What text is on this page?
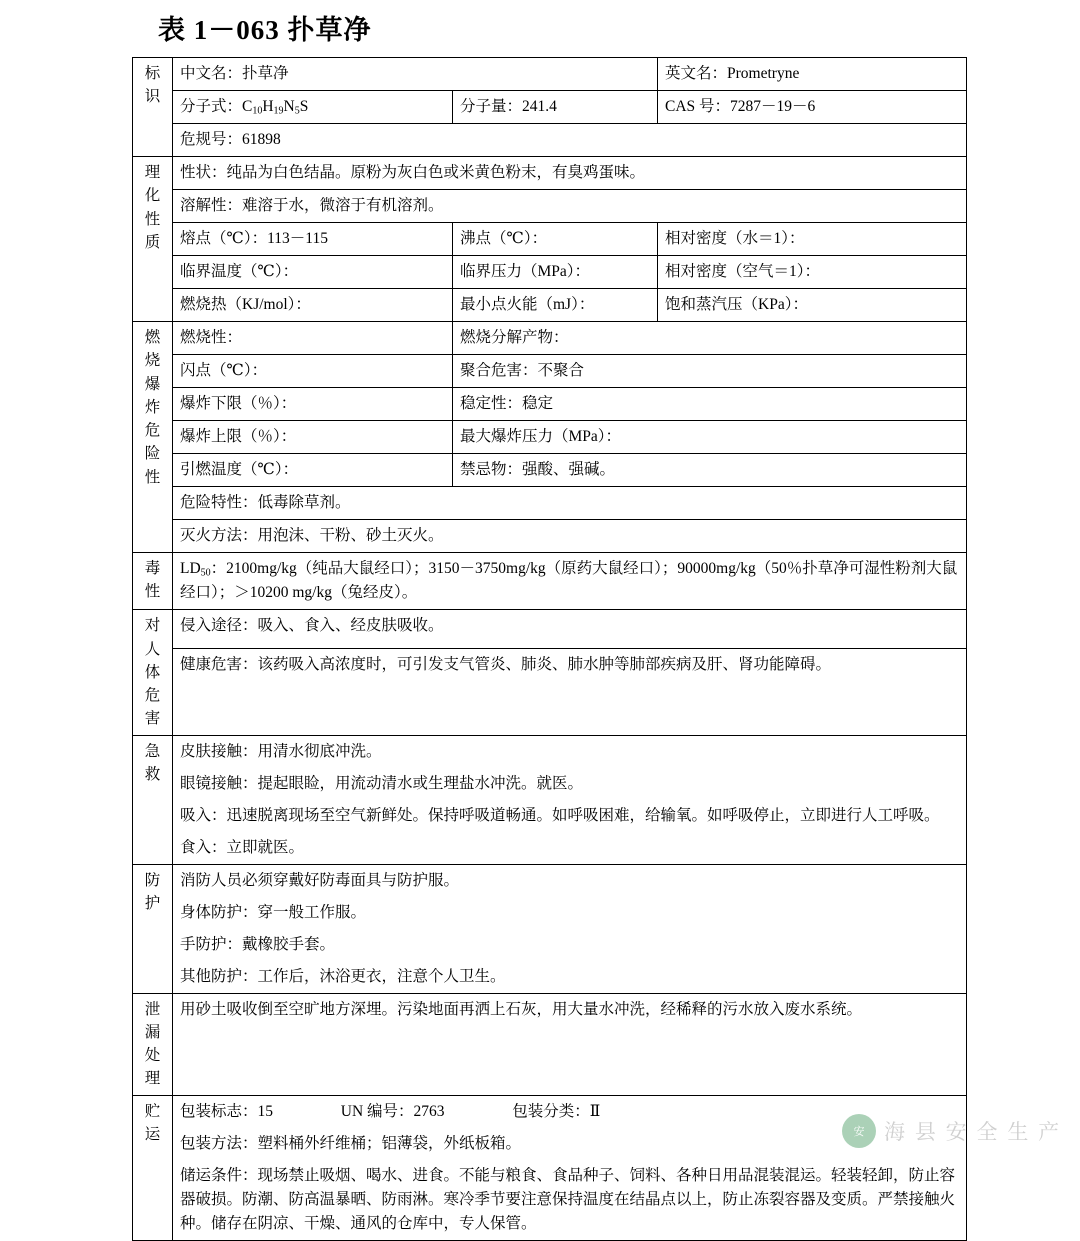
表 1－063 扑草净
标 识	中文名：扑草净		英文名：Prometryne
	分子式：$C_{10}H_{19}N_5S$	分子量：241.4	CAS 号：7287－19－6
	危规号：61898		

理 化 性 质	性状：纯品为白色结晶。原粉为灰白色或米黄色粉末，有臭鸡蛋味。		
	溶解性：难溶于水，微溶于有机溶剂。		
	熔点（℃）：113－115	沸点（℃）：	相对密度（水＝1）：
	临界温度（℃）：	临界压力（MPa）：	相对密度（空气＝1）：
	燃烧热（KJ/mol）：	最小点火能（mJ）：	饱和蒸汽压（KPa）：

燃 烧 爆 炸 危 险 性	燃烧性：	燃烧分解产物：	
	闪点（℃）：	聚合危害：不聚合	
	爆炸下限（％）：	稳定性：稳定	
	爆炸上限（％）：	最大爆炸压力（MPa）：	
	引燃温度（℃）：	禁忌物：强酸、强碱。	
	危险特性：低毒除草剂。		
	灭火方法：用泡沫、干粉、砂土灭火。		

毒 性	$LD_{50}$：2100mg/kg（纯品大鼠经口）；3150－3750mg/kg（原药大鼠经口）；90000mg/kg（50％扑草净可湿性粉剂大鼠经口）；＞10200 mg/kg（兔经皮）。		

对 人 体 危 害	侵入途径：吸入、食入、经皮肤吸收。		
	健康危害：该药吸入高浓度时，可引发支气管炎、肺炎、肺水肿等肺部疾病及肝、肾功能障碍。		

急 救	皮肤接触：用清水彻底冲洗。		
	眼镜接触：提起眼睑，用流动清水或生理盐水冲洗。就医。		
	吸入：迅速脱离现场至空气新鲜处。保持呼吸道畅通。如呼吸困难，给输氧。如呼吸停止，立即进行人工呼吸。		
	食入：立即就医。		

防 护	消防人员必须穿戴好防毒面具与防护服。		
	身体防护：穿一般工作服。		
	手防护：戴橡胶手套。		
	其他防护：工作后，沐浴更衣，注意个人卫生。		

泄 漏 处 理	用砂土吸收倒至空旷地方深埋。污染地面再洒上石灰，用大量水冲洗，经稀释的污水放入废水系统。		

贮 运	包装标志：15 UN 编号：2763 包装分类：Ⅱ		
	包装方法：塑料桶外纤维桶；铝薄袋，外纸板箱。		
	储运条件：现场禁止吸烟、喝水、进食。不能与粮食、食品种子、饲料、各种日用品混装混运。轻装轻卸，防止容器破损。防潮、防高温暴晒、防雨淋。寒冷季节要注意保持温度在结晶点以上，防止冻裂容器及变质。严禁接触火种。储存在阴凉、干燥、通风的仓库中，专人保管。		
安 海 县 安 全 生 产
